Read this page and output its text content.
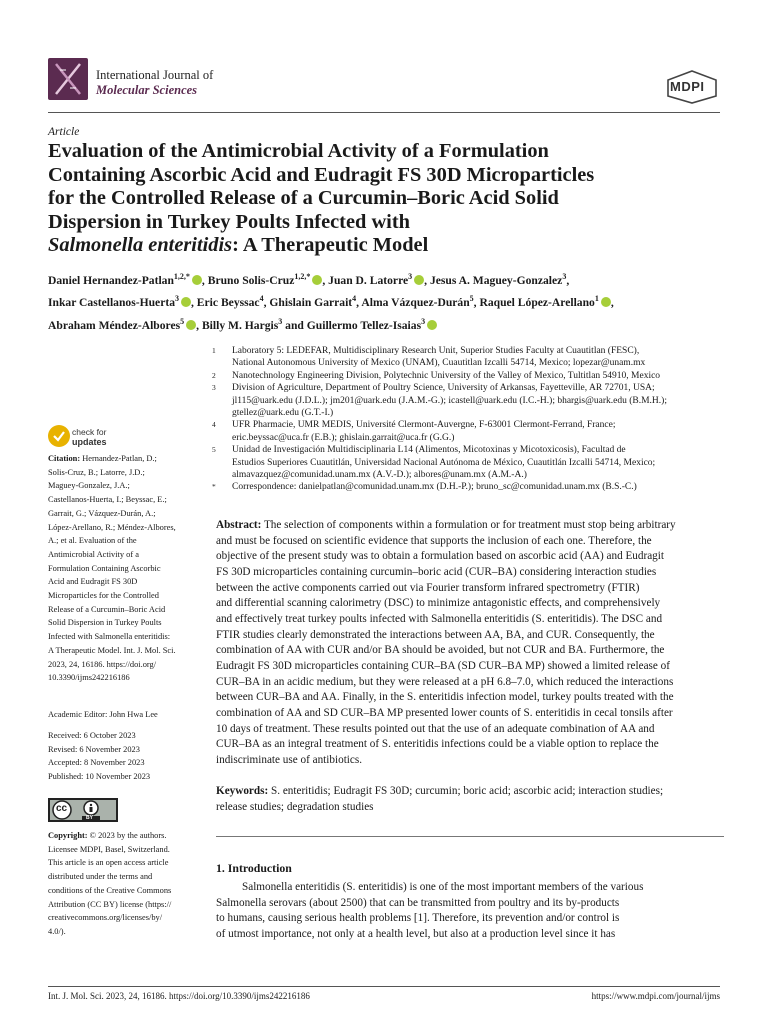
International Journal of
Molecular Sciences	MDPI
Article
Evaluation of the Antimicrobial Activity of a Formulation
Containing Ascorbic Acid and Eudragit FS 30D Microparticles
for the Controlled Release of a Curcumin–Boric Acid Solid
Dispersion in Turkey Poults Infected with
Salmonella enteritidis: A Therapeutic Model
Daniel Hernandez-Patlan$^{1,2,*}$ , Bruno Solis-Cruz$^{1,2,*}$ , Juan D. Latorre$^3$ , Jesus A. Maguey-Gonzalez$^3$,
Inkar Castellanos-Huerta$^3$ , Eric Beyssac$^4$, Ghislain Garrait$^4$, Alma Vázquez-Durán$^5$, Raquel López-Arellano$^1$ ,
Abraham Méndez-Albores$^5$ , Billy M. Hargis$^3$ and Guillermo Tellez-Isaias$^3$
1	Laboratory 5: LEDEFAR, Multidisciplinary Research Unit, Superior Studies Faculty at Cuautitlan (FESC),
National Autonomous University of Mexico (UNAM), Cuautitlan Izcalli 54714, Mexico; lopezar@unam.mx
2	Nanotechnology Engineering Division, Polytechnic University of the Valley of Mexico, Tultitlan 54910, Mexico
3	Division of Agriculture, Department of Poultry Science, University of Arkansas, Fayetteville, AR 72701, USA;
jl115@uark.edu (J.D.L.); jm201@uark.edu (J.A.M.-G.); icastell@uark.edu (I.C.-H.); bhargis@uark.edu (B.M.H.);
gtellez@uark.edu (G.T.-I.)
4	UFR Pharmacie, UMR MEDIS, Université Clermont-Auvergne, F-63001 Clermont-Ferrand, France;
eric.beyssac@uca.fr (E.B.); ghislain.garrait@uca.fr (G.G.)
5	Unidad de Investigación Multidisciplinaria L14 (Alimentos, Micotoxinas y Micotoxicosis), Facultad de
Estudios Superiores Cuautitlán, Universidad Nacional Autónoma de México, Cuautitlán Izcalli 54714, Mexico;
almavazquez@comunidad.unam.mx (A.V.-D.); albores@unam.mx (A.M.-A.)
*	Correspondence: danielpatlan@comunidad.unam.mx (D.H.-P.); bruno_sc@comunidad.unam.mx (B.S.-C.)
check for
updates
Citation: Hernandez-Patlan, D.;
Solis-Cruz, B.; Latorre, J.D.;
Maguey-Gonzalez, J.A.;
Castellanos-Huerta, I.; Beyssac, E.;
Garrait, G.; Vázquez-Durán, A.;
López-Arellano, R.; Méndez-Albores,
A.; et al. Evaluation of the
Antimicrobial Activity of a
Formulation Containing Ascorbic
Acid and Eudragit FS 30D
Microparticles for the Controlled
Release of a Curcumin–Boric Acid
Solid Dispersion in Turkey Poults
Infected with Salmonella enteritidis:
A Therapeutic Model. Int. J. Mol. Sci.
2023, 24, 16186. https://doi.org/
10.3390/ijms242216186
Academic Editor: John Hwa Lee
Received: 6 October 2023
Revised: 6 November 2023
Accepted: 8 November 2023
Published: 10 November 2023
cc
BY
Copyright: © 2023 by the authors.
Licensee MDPI, Basel, Switzerland.
This article is an open access article
distributed under the terms and
conditions of the Creative Commons
Attribution (CC BY) license (https://
creativecommons.org/licenses/by/
4.0/).
Abstract: The selection of components within a formulation or for treatment must stop being arbitrary
and must be focused on scientific evidence that supports the inclusion of each one. Therefore, the
objective of the present study was to obtain a formulation based on ascorbic acid (AA) and Eudragit
FS 30D microparticles containing curcumin–boric acid (CUR–BA) considering interaction studies
between the active components carried out via Fourier transform infrared spectrometry (FTIR)
and differential scanning calorimetry (DSC) to minimize antagonistic effects, and comprehensively
and effectively treat turkey poults infected with Salmonella enteritidis (S. enteritidis). The DSC and
FTIR studies clearly demonstrated the interactions between AA, BA, and CUR. Consequently, the
combination of AA with CUR and/or BA should be avoided, but not CUR and BA. Furthermore, the
Eudragit FS 30D microparticles containing CUR–BA (SD CUR–BA MP) showed a limited release of
CUR–BA in an acidic medium, but they were released at a pH 6.8–7.0, which reduced the interactions
between CUR–BA and AA. Finally, in the S. enteritidis infection model, turkey poults treated with the
combination of AA and SD CUR–BA MP presented lower counts of S. enteritidis in cecal tonsils after
10 days of treatment. These results pointed out that the use of an adequate combination of AA and
CUR–BA as an integral treatment of S. enteritidis infections could be a viable option to replace the
indiscriminate use of antibiotics.
Keywords: S. enteritidis; Eudragit FS 30D; curcumin; boric acid; ascorbic acid; interaction studies;
release studies; degradation studies
1. Introduction
Salmonella enteritidis (S. enteritidis) is one of the most important members of the various
Salmonella serovars (about 2500) that can be transmitted from poultry and its by-products
to humans, causing serious health problems [1]. Therefore, its prevention and/or control is
of utmost importance, not only at a health level, but also at a production level since it has
Int. J. Mol. Sci. 2023, 24, 16186. https://doi.org/10.3390/ijms242216186	https://www.mdpi.com/journal/ijms
